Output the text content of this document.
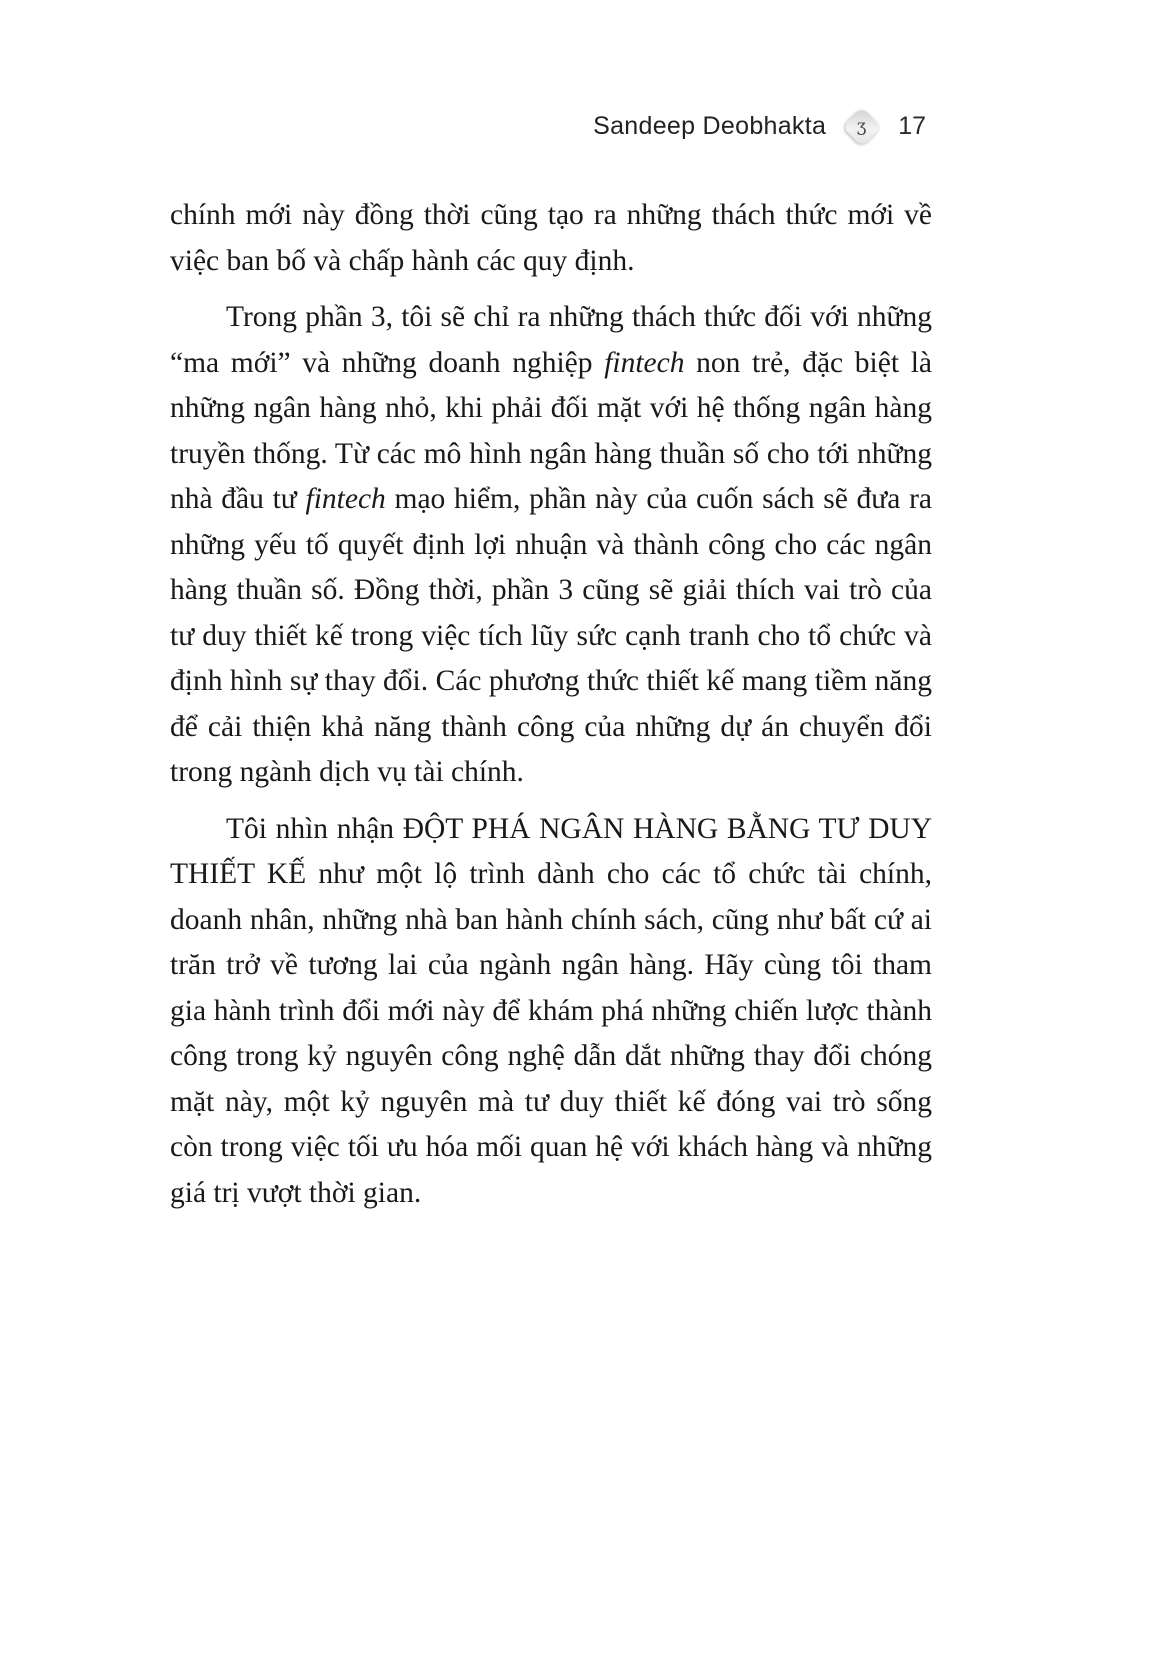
Sandeep Deobhakta ʒ 17

chính mới này đồng thời cũng tạo ra những thách thức mới về việc ban bố và chấp hành các quy định.

Trong phần 3, tôi sẽ chỉ ra những thách thức đối với những “ma mới” và những doanh nghiệp fintech non trẻ, đặc biệt là những ngân hàng nhỏ, khi phải đối mặt với hệ thống ngân hàng truyền thống. Từ các mô hình ngân hàng thuần số cho tới những nhà đầu tư fintech mạo hiểm, phần này của cuốn sách sẽ đưa ra những yếu tố quyết định lợi nhuận và thành công cho các ngân hàng thuần số. Đồng thời, phần 3 cũng sẽ giải thích vai trò của tư duy thiết kế trong việc tích lũy sức cạnh tranh cho tổ chức và định hình sự thay đổi. Các phương thức thiết kế mang tiềm năng để cải thiện khả năng thành công của những dự án chuyển đổi trong ngành dịch vụ tài chính.

Tôi nhìn nhận ĐỘT PHÁ NGÂN HÀNG BẰNG TƯ DUY THIẾT KẾ như một lộ trình dành cho các tổ chức tài chính, doanh nhân, những nhà ban hành chính sách, cũng như bất cứ ai trăn trở về tương lai của ngành ngân hàng. Hãy cùng tôi tham gia hành trình đổi mới này để khám phá những chiến lược thành công trong kỷ nguyên công nghệ dẫn dắt những thay đổi chóng mặt này, một kỷ nguyên mà tư duy thiết kế đóng vai trò sống còn trong việc tối ưu hóa mối quan hệ với khách hàng và những giá trị vượt thời gian.
